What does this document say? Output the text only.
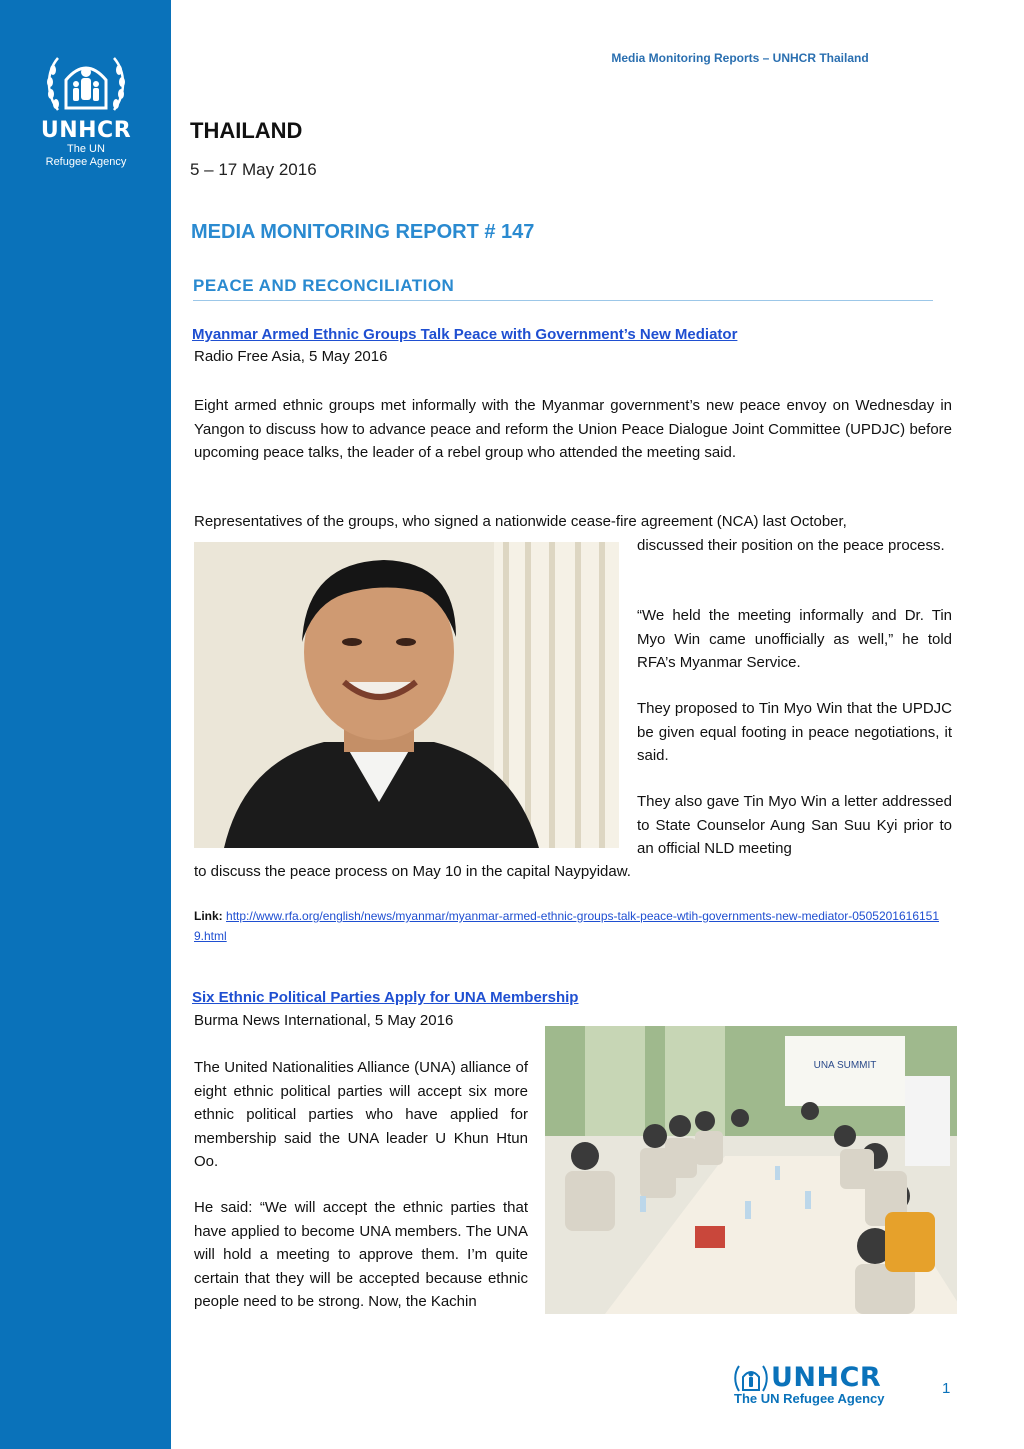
UNHCR
The UN
Refugee Agency
Media Monitoring Reports – UNHCR Thailand
THAILAND
5 – 17 May 2016
MEDIA MONITORING REPORT # 147
PEACE AND RECONCILIATION
Myanmar Armed Ethnic Groups Talk Peace with Government’s New Mediator
Radio Free Asia, 5 May 2016

Eight armed ethnic groups met informally with the Myanmar government’s new peace envoy on Wednesday in Yangon to discuss how to advance peace and reform the Union Peace Dialogue Joint Committee (UPDJC) before upcoming peace talks, the leader of a rebel group who attended the meeting said.

Representatives of the groups, who signed a nationwide cease-fire agreement (NCA) last October,

discussed their position on the peace process.

“We held the meeting informally and Dr. Tin Myo Win came unofficially as well,” he told RFA’s Myanmar Service.

They proposed to Tin Myo Win that the UPDJC be given equal footing in peace negotiations, it said.

They also gave Tin Myo Win a letter addressed to State Counselor Aung San Suu Kyi prior to an official NLD meeting

to discuss the peace process on May 10 in the capital Naypyidaw.

Link: http://www.rfa.org/english/news/myanmar/myanmar-armed-ethnic-groups-talk-peace-wtih-governments-new-mediator-05052016161519.html
Six Ethnic Political Parties Apply for UNA Membership
Burma News International, 5 May 2016

The United Nationalities Alliance (UNA) alliance of eight ethnic political parties will accept six more ethnic political parties who have applied for membership said the UNA leader U Khun Htun Oo.

He said: “We will accept the ethnic parties that have applied to become UNA members. The UNA will hold a meeting to approve them. I’m quite certain that they will be accepted because ethnic people need to be strong. Now, the Kachin

UNA SUMMIT
UNHCR
The UN Refugee Agency
1
